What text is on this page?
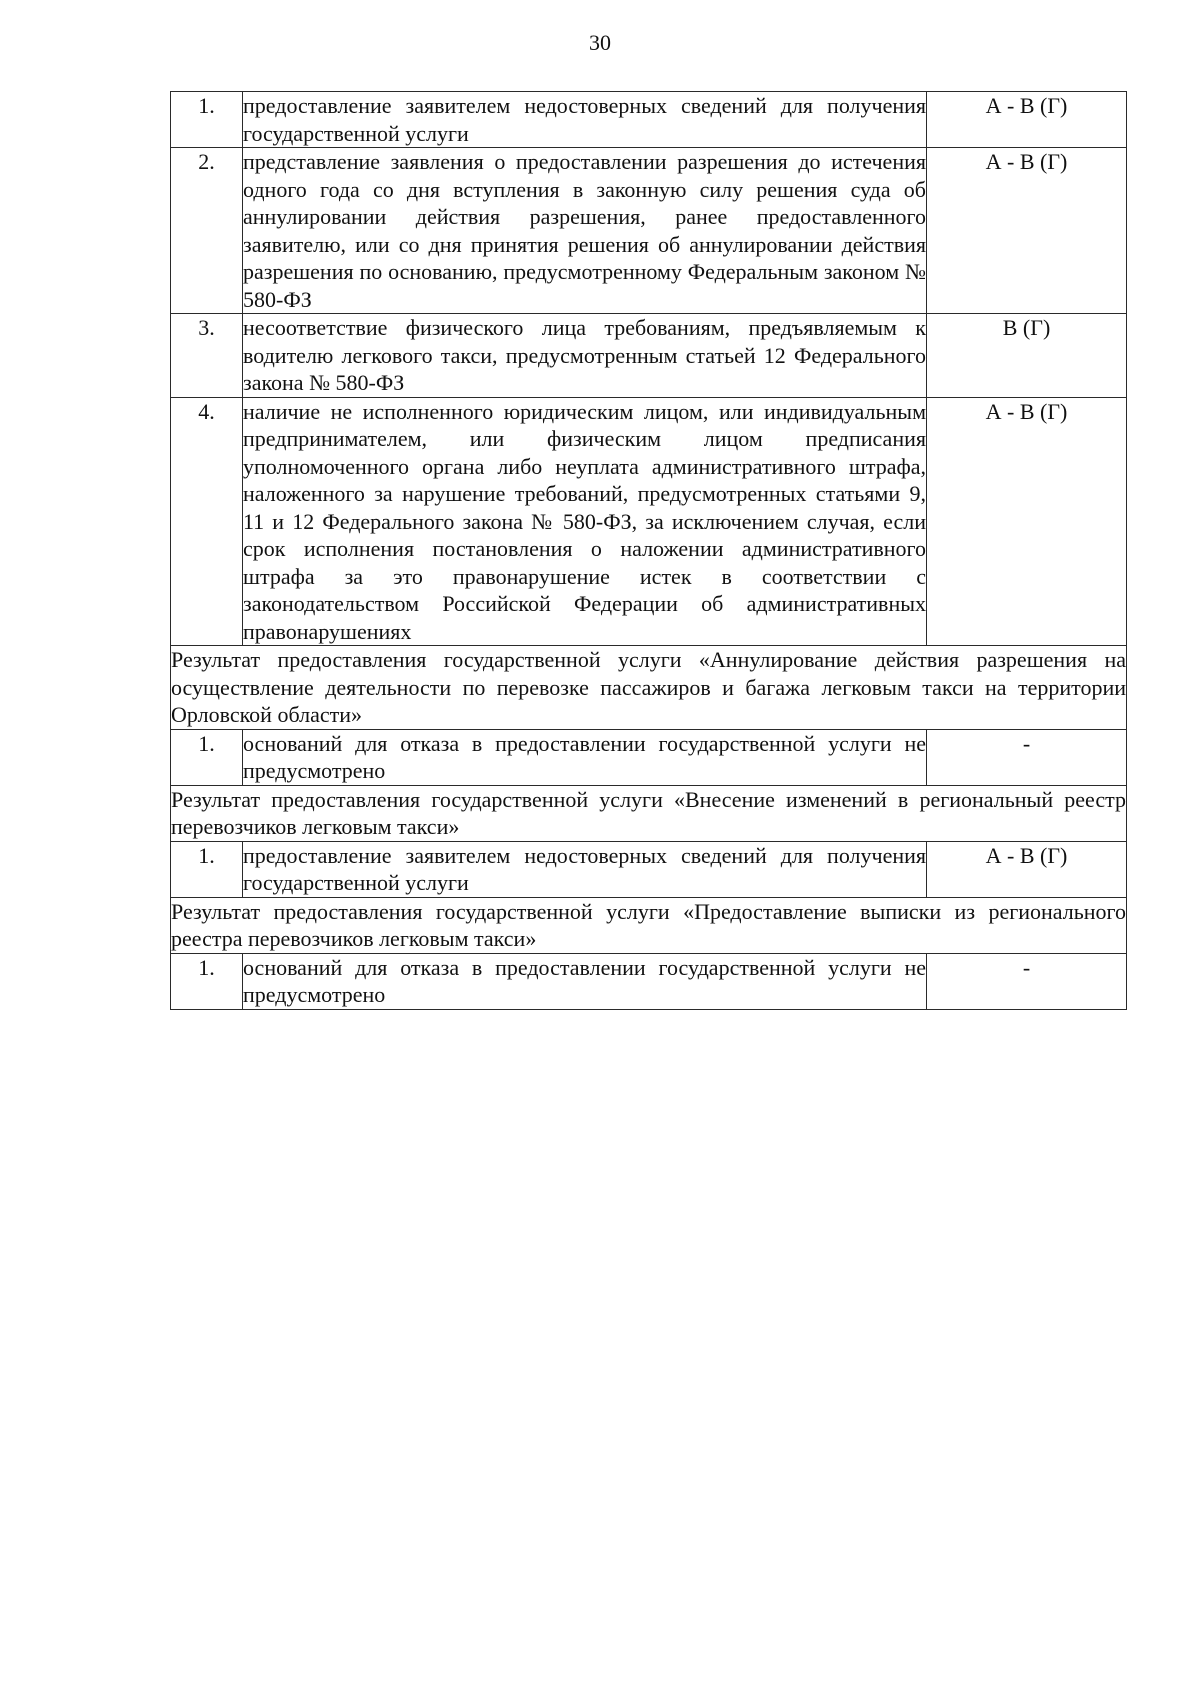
30
1.	предоставление заявителем недостоверных сведений для получения государственной услуги	А - В (Г)
2.	представление заявления о предоставлении разрешения до истечения одного года со дня вступления в законную силу решения суда об аннулировании действия разрешения, ранее предоставленного заявителю, или со дня принятия решения об аннулировании действия разрешения по основанию, предусмотренному Федеральным законом № 580-ФЗ	А - В (Г)
3.	несоответствие физического лица требованиям, предъявляемым к водителю легкового такси, предусмотренным статьей 12 Федерального закона № 580-ФЗ	В (Г)
4.	наличие не исполненного юридическим лицом, или индивидуальным предпринимателем, или физическим лицом предписания уполномоченного органа либо неуплата административного штрафа, наложенного за нарушение требований, предусмотренных статьями 9, 11 и 12 Федерального закона № 580-ФЗ, за исключением случая, если срок исполнения постановления о наложении административного штрафа за это правонарушение истек в соответствии с законодательством Российской Федерации об административных правонарушениях	А - В (Г)
Результат предоставления государственной услуги «Аннулирование действия разрешения на осуществление деятельности по перевозке пассажиров и багажа легковым такси на территории Орловской области»		
1.	оснований для отказа в предоставлении государственной услуги не предусмотрено	-
Результат предоставления государственной услуги «Внесение изменений в региональный реестр перевозчиков легковым такси»		
1.	предоставление заявителем недостоверных сведений для получения государственной услуги	А - В (Г)
Результат предоставления государственной услуги «Предоставление выписки из регионального реестра перевозчиков легковым такси»		
1.	оснований для отказа в предоставлении государственной услуги не предусмотрено	-
